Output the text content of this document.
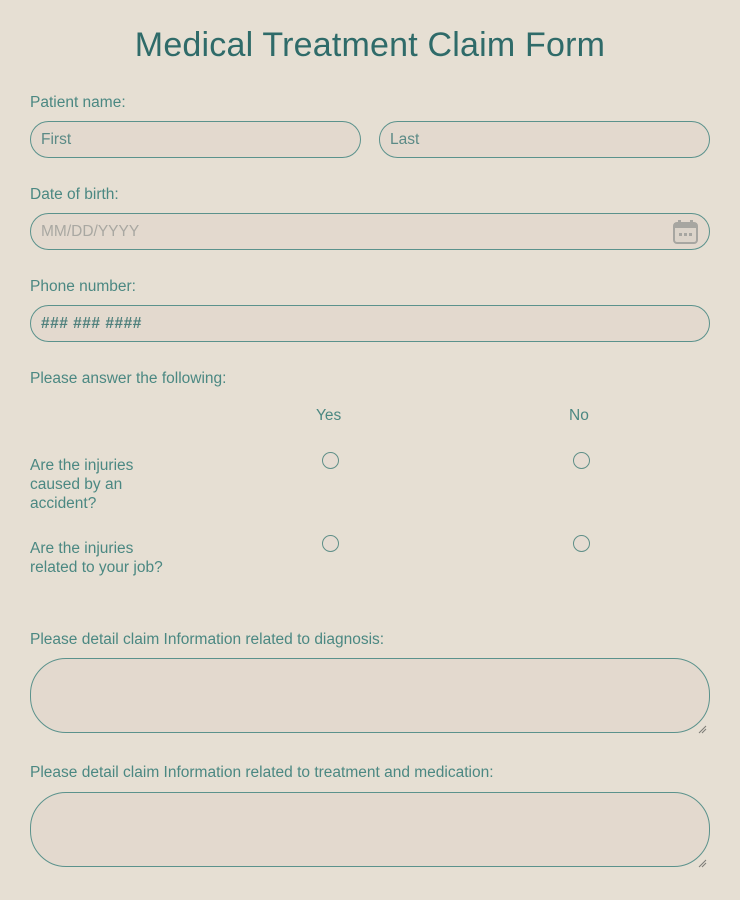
Medical Treatment Claim Form
Patient name:
First	Last
Date of birth:
MM/DD/YYYY
Phone number:
### ### ####
Please answer the following:
Yes	No
Are the injuries caused by an accident?
Are the injuries related to your job?
Please detail claim Information related to diagnosis:
Please detail claim Information related to treatment and medication:
